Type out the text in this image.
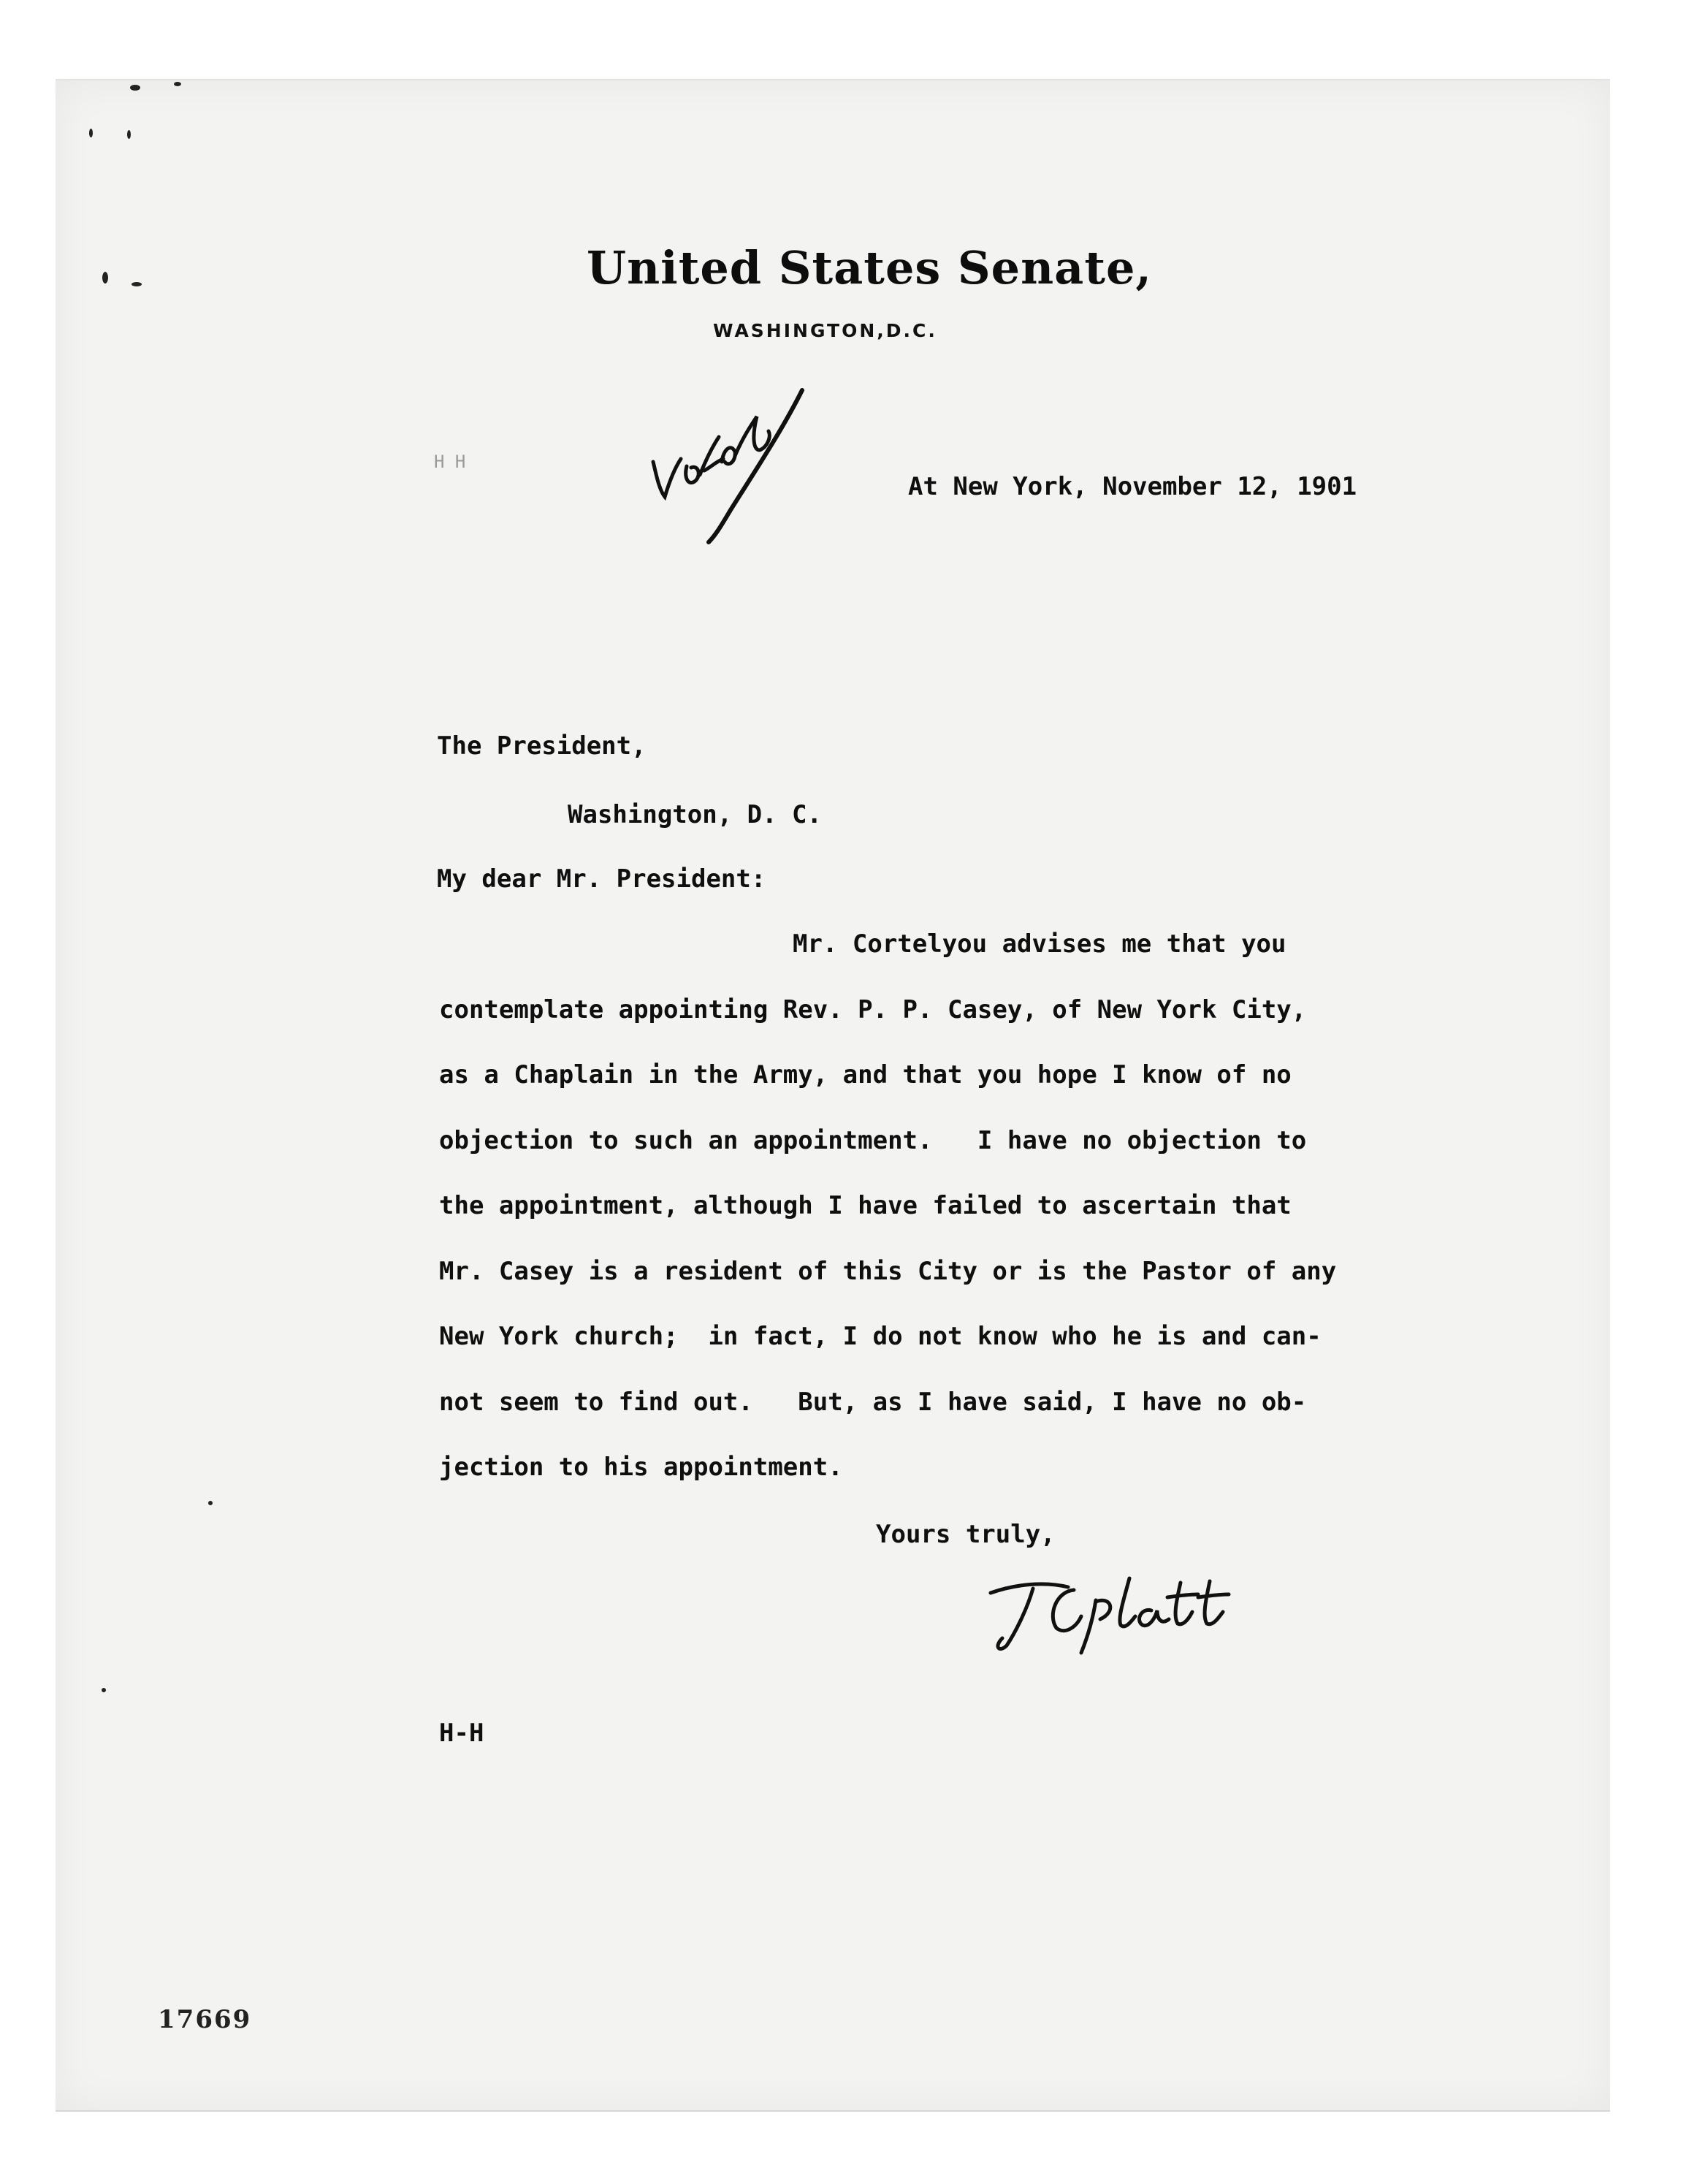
United States Senate,
WASHINGTON,D.C.
H H
At New York, November 12, 1901
The President,
Washington, D. C.
My dear Mr. President:
Mr. Cortelyou advises me that you
contemplate appointing Rev. P. P. Casey, of New York City,
as a Chaplain in the Army, and that you hope I know of no
objection to such an appointment.   I have no objection to
the appointment, although I have failed to ascertain that
Mr. Casey is a resident of this City or is the Pastor of any
New York church;  in fact, I do not know who he is and can-
not seem to find out.   But, as I have said, I have no ob-
jection to his appointment.
Yours truly,
H-H
17669
